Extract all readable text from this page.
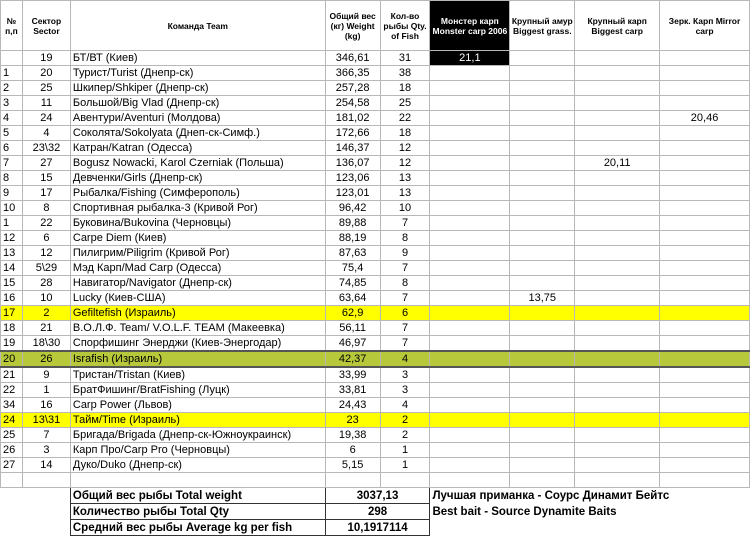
№ п,п	Сектор Sector	Команда Team	Общий вес (кг) Weight (kg)	Кол-во рыбы Qty. of Fish	Монстер карп Monster carp 2006	Крупный амур Biggest grass.	Крупный карп Biggest carp	Зерк. Карп Mirror carp
	19	БТ/ВТ (Киев)	346,61	31	21,1			
1	20	Турист/Turist (Днепр-ск)	366,35	38				
2	25	Шкипер/Shkiper (Днепр-ск)	257,28	18				
3	11	Большой/Big Vlad (Днепр-ск)	254,58	25				
4	24	Авентури/Aventuri (Молдова)	181,02	22				20,46
5	4	Соколята/Sokolyata (Днеп-ск-Симф.)	172,66	18				
6	23\32	Катран/Katran (Одесса)	146,37	12				
7	27	Bogusz Nowacki, Karol Czerniak (Польша)	136,07	12			20,11	
8	15	Девченки/Girls (Днепр-ск)	123,06	13				
9	17	Рыбалка/Fishing (Симферополь)	123,01	13				
10	8	Спортивная рыбалка-3 (Кривой Рог)	96,42	10				
1	22	Буковина/Bukovina (Черновцы)	89,88	7				
12	6	Carpe Diem (Киев)	88,19	8				
13	12	Пилигрим/Piligrim (Кривой Рог)	87,63	9				
14	5\29	Мэд Карп/Mad Carp (Одесса)	75,4	7				
15	28	Навигатор/Navigator (Днепр-ск)	74,85	8				
16	10	Lucky (Киев-США)	63,64	7		13,75		
17	2	Gefiltefish (Израиль)	62,9	6				
18	21	В.О.Л.Ф. Team/ V.O.L.F. TEAM (Макеевка)	56,11	7				
19	18\30	Спорфишинг Энерджи (Киев-Энергодар)	46,97	7				
20	26	Israfish (Израиль)	42,37	4				
21	9	Тристан/Tristan (Киев)	33,99	3				
22	1	БратФишинг/BratFishing (Луцк)	33,81	3				
34	16	Carp Power (Львов)	24,43	4				
24	13\31	Тайм/Time (Израиль)	23	2				
25	7	Бригада/Brigada (Днепр-ск-Южноукраинск)	19,38	2				
26	3	Карп Про/Carp Pro (Черновцы)	6	1				
27	14	Дуко/Duko (Днепр-ск)	5,15	1				

		Общий вес рыбы Total weight	3037,13		Лучшая приманка - Соурс Динамит Бейтс			
		Количество рыбы Total Qty	298		Best bait - Source Dynamite Baits			
		Средний вес рыбы Average kg per fish	10,1917114					
